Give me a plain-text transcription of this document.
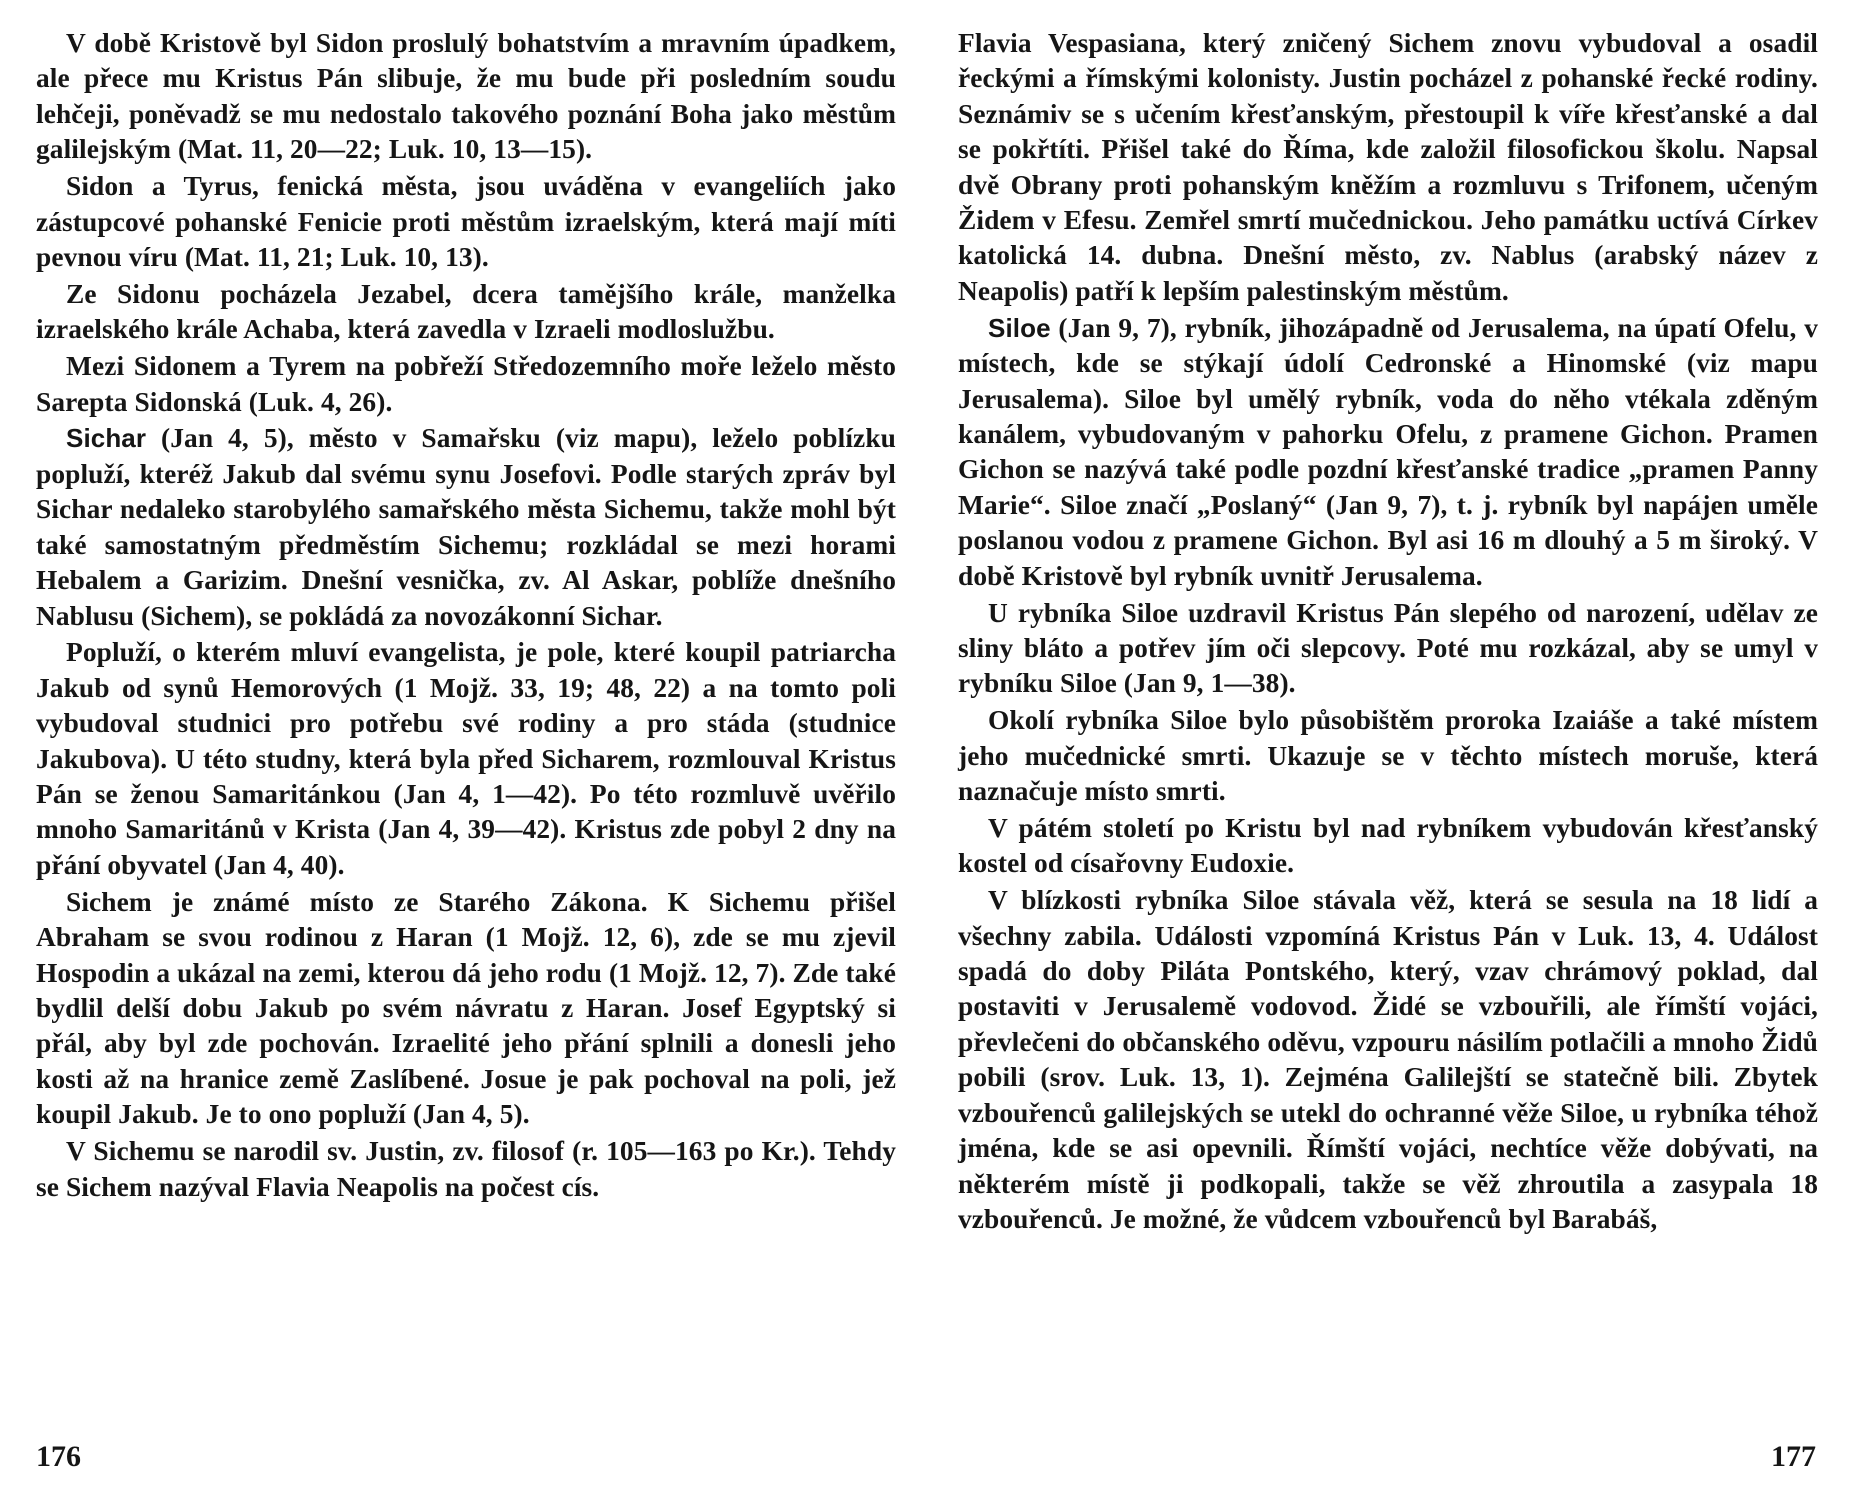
V době Kristově byl Sidon proslulý bohatstvím a mravním úpadkem, ale přece mu Kristus Pán slibuje, že mu bude při posledním soudu lehčeji, poněvadž se mu nedostalo takového poznání Boha jako městům galilejským (Mat. 11, 20—22; Luk. 10, 13—15).

Sidon a Tyrus, fenická města, jsou uváděna v evangeliích jako zástupcové pohanské Fenicie proti městům izraelským, která mají míti pevnou víru (Mat. 11, 21; Luk. 10, 13).

Ze Sidonu pocházela Jezabel, dcera tamějšího krále, manželka izraelského krále Achaba, která zavedla v Izraeli modloslužbu.

Mezi Sidonem a Tyrem na pobřeží Středozemního moře leželo město Sarepta Sidonská (Luk. 4, 26).

Sichar (Jan 4, 5), město v Samařsku (viz mapu), leželo poblízku popluží, kteréž Jakub dal svému synu Josefovi. Podle starých zpráv byl Sichar nedaleko starobylého samařského města Sichemu, takže mohl být také samostatným předměstím Sichemu; rozkládal se mezi horami Hebalem a Garizim. Dnešní vesnička, zv. Al Askar, poblíže dnešního Nablusu (Sichem), se pokládá za novozákonní Sichar.

Popluží, o kterém mluví evangelista, je pole, které koupil patriarcha Jakub od synů Hemorových (1 Mojž. 33, 19; 48, 22) a na tomto poli vybudoval studnici pro potřebu své rodiny a pro stáda (studnice Jakubova). U této studny, která byla před Sicharem, rozmlouval Kristus Pán se ženou Samaritánkou (Jan 4, 1—42). Po této rozmluvě uvěřilo mnoho Samaritánů v Krista (Jan 4, 39—42). Kristus zde pobyl 2 dny na přání obyvatel (Jan 4, 40).

Sichem je známé místo ze Starého Zákona. K Sichemu přišel Abraham se svou rodinou z Haran (1 Mojž. 12, 6), zde se mu zjevil Hospodin a ukázal na zemi, kterou dá jeho rodu (1 Mojž. 12, 7). Zde také bydlil delší dobu Jakub po svém návratu z Haran. Josef Egyptský si přál, aby byl zde pochován. Izraelité jeho přání splnili a donesli jeho kosti až na hranice země Zaslíbené. Josue je pak pochoval na poli, jež koupil Jakub. Je to ono popluží (Jan 4, 5).

V Sichemu se narodil sv. Justin, zv. filosof (r. 105—163 po Kr.). Tehdy se Sichem nazýval Flavia Neapolis na počest cís.

176

Flavia Vespasiana, který zničený Sichem znovu vybudoval a osadil řeckými a římskými kolonisty. Justin pocházel z pohanské řecké rodiny. Seznámiv se s učením křesťanským, přestoupil k víře křesťanské a dal se pokřtíti. Přišel také do Říma, kde založil filosofickou školu. Napsal dvě Obrany proti pohanským kněžím a rozmluvu s Trifonem, učeným Židem v Efesu. Zemřel smrtí mučednickou. Jeho památku uctívá Církev katolická 14. dubna. Dnešní město, zv. Nablus (arabský název z Neapolis) patří k lepším palestinským městům.

Siloe (Jan 9, 7), rybník, jihozápadně od Jerusalema, na úpatí Ofelu, v místech, kde se stýkají údolí Cedronské a Hinomské (viz mapu Jerusalema). Siloe byl umělý rybník, voda do něho vtékala zděným kanálem, vybudovaným v pahorku Ofelu, z pramene Gichon. Pramen Gichon se nazývá také podle pozdní křesťanské tradice „pramen Panny Marie“. Siloe značí „Poslaný“ (Jan 9, 7), t. j. rybník byl napájen uměle poslanou vodou z pramene Gichon. Byl asi 16 m dlouhý a 5 m široký. V době Kristově byl rybník uvnitř Jerusalema.

U rybníka Siloe uzdravil Kristus Pán slepého od narození, udělav ze sliny bláto a potřev jím oči slepcovy. Poté mu rozkázal, aby se umyl v rybníku Siloe (Jan 9, 1—38).

Okolí rybníka Siloe bylo působištěm proroka Izaiáše a také místem jeho mučednické smrti. Ukazuje se v těchto místech moruše, která naznačuje místo smrti.

V pátém století po Kristu byl nad rybníkem vybudován křesťanský kostel od císařovny Eudoxie.

V blízkosti rybníka Siloe stávala věž, která se sesula na 18 lidí a všechny zabila. Události vzpomíná Kristus Pán v Luk. 13, 4. Událost spadá do doby Piláta Pontského, který, vzav chrámový poklad, dal postaviti v Jerusalemě vodovod. Židé se vzbouřili, ale římští vojáci, převlečeni do občanského oděvu, vzpouru násilím potlačili a mnoho Židů pobili (srov. Luk. 13, 1). Zejména Galilejští se statečně bili. Zbytek vzbouřenců galilejských se utekl do ochranné věže Siloe, u rybníka téhož jména, kde se asi opevnili. Římští vojáci, nechtíce věže dobývati, na některém místě ji podkopali, takže se věž zhroutila a zasypala 18 vzbouřenců. Je možné, že vůdcem vzbouřenců byl Barabáš,

177
